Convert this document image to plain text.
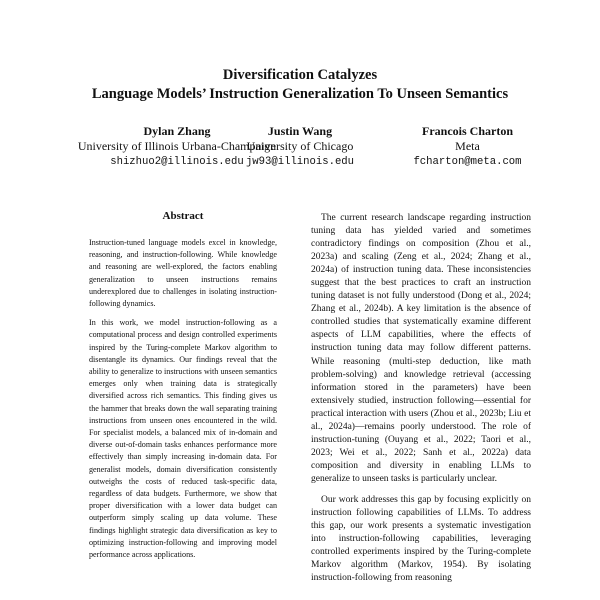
Diversification Catalyzes
Language Models’ Instruction Generalization To Unseen Semantics
Dylan Zhang
University of Illinois Urbana-Champaign
shizhuo2@illinois.edu
Justin Wang
University of Chicago
jw93@illinois.edu
Francois Charton
Meta
fcharton@meta.com
Abstract

Instruction-tuned language models excel in knowledge, reasoning, and instruction-following. While knowledge and reasoning are well-explored, the factors enabling generalization to unseen instructions remains underexplored due to challenges in isolating instruction-following dynamics.

In this work, we model instruction-following as a computational process and design controlled experiments inspired by the Turing-complete Markov algorithm to disentangle its dynamics. Our findings reveal that the ability to generalize to instructions with unseen semantics emerges only when training data is strategically diversified across rich semantics. This finding gives us the hammer that breaks down the wall separating training instructions from unseen ones encountered in the wild. For specialist models, a balanced mix of in-domain and diverse out-of-domain tasks enhances performance more effectively than simply increasing in-domain data. For generalist models, domain diversification consistently outweighs the costs of reduced task-specific data, regardless of data budgets. Furthermore, we show that proper diversification with a lower data budget can outperform simply scaling up data volume. These findings highlight strategic data diversification as key to optimizing instruction-following and improving model performance across applications.

The current research landscape regarding instruction tuning data has yielded varied and sometimes contradictory findings on composition (Zhou et al., 2023a) and scaling (Zeng et al., 2024; Zhang et al., 2024a) of instruction tuning data. These inconsistencies suggest that the best practices to craft an instruction tuning dataset is not fully understood (Dong et al., 2024; Zhang et al., 2024b). A key limitation is the absence of controlled studies that systematically examine different aspects of LLM capabilities, where the effects of instruction tuning data may follow different patterns. While reasoning (multi-step deduction, like math problem-solving) and knowledge retrieval (accessing information stored in the parameters) have been extensively studied, instruction following—essential for practical interaction with users (Zhou et al., 2023b; Liu et al., 2024a)—remains poorly understood. The role of instruction-tuning (Ouyang et al., 2022; Taori et al., 2023; Wei et al., 2022; Sanh et al., 2022a) data composition and diversity in enabling LLMs to generalize to unseen tasks is particularly unclear.

Our work addresses this gap by focusing explicitly on instruction following capabilities of LLMs. To address this gap, our work presents a systematic investigation into instruction-following capabilities, leveraging controlled experiments inspired by the Turing-complete Markov algorithm (Markov, 1954). By isolating instruction-following from reasoning
